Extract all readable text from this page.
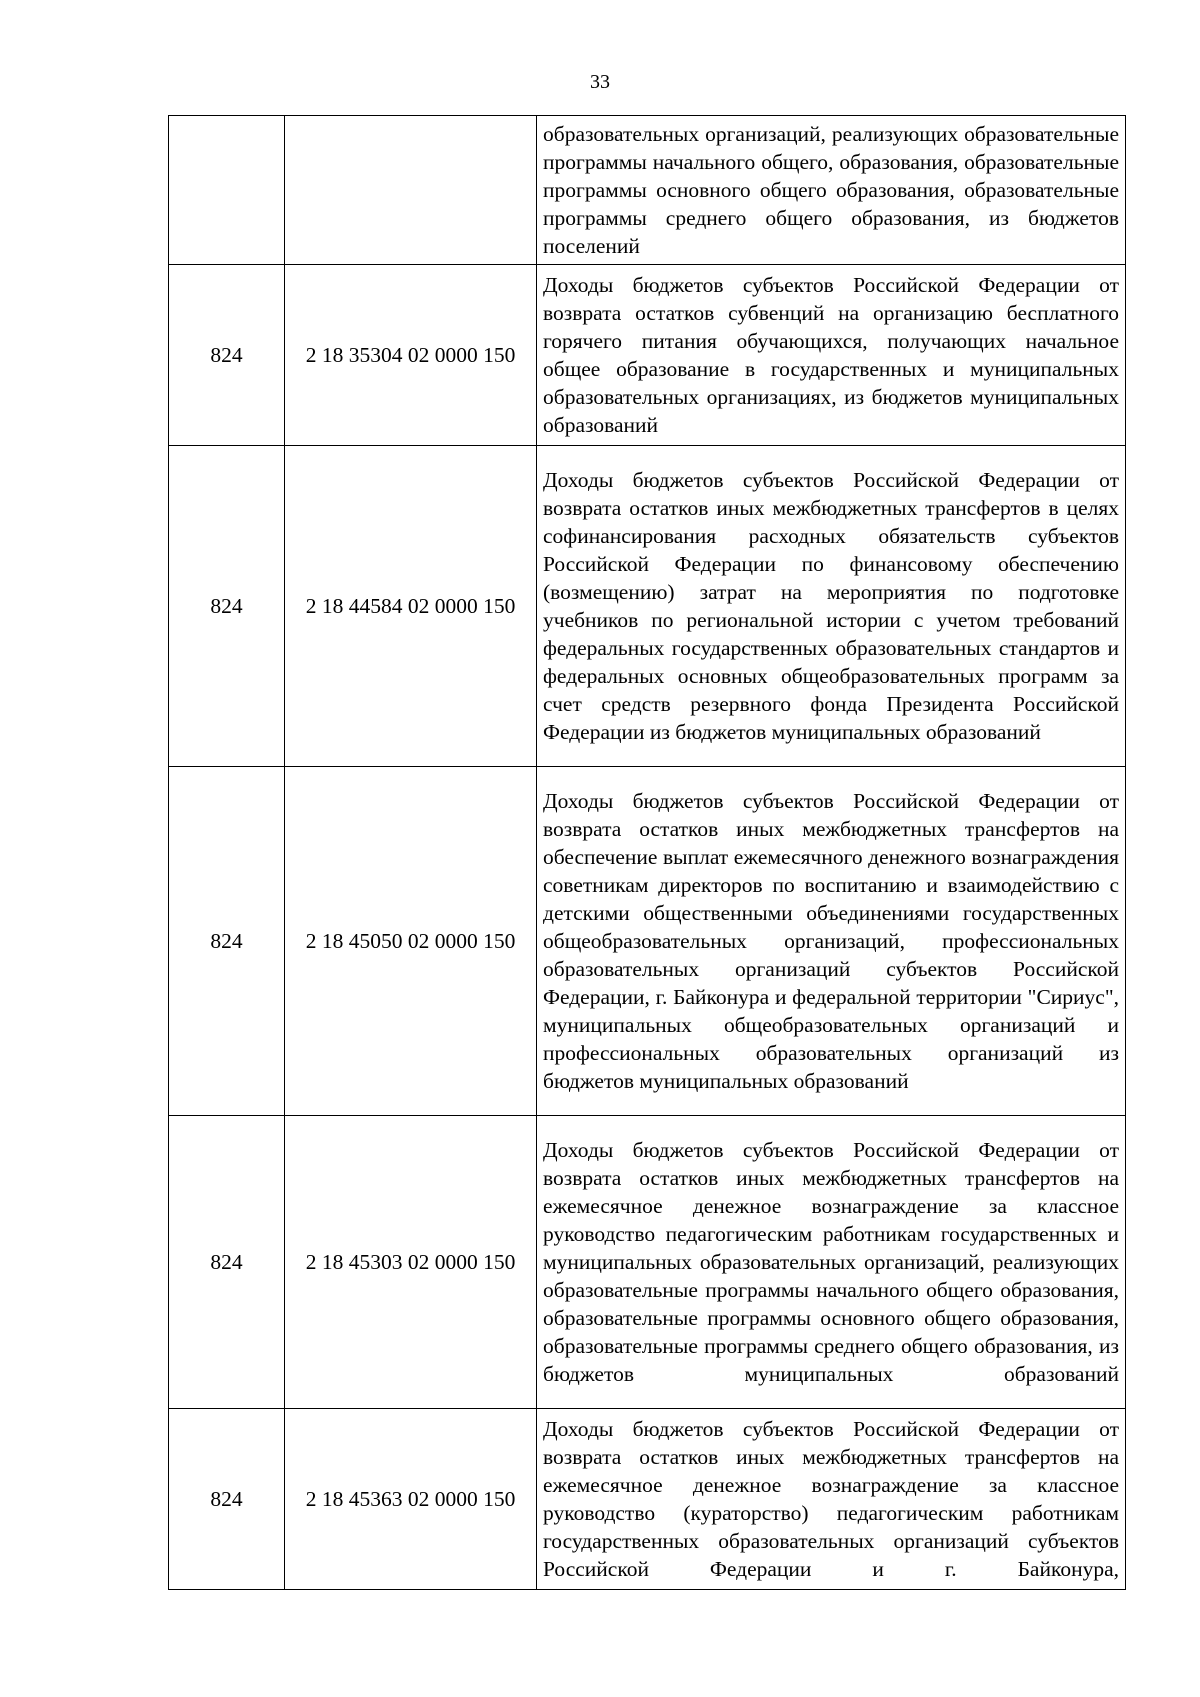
33
		образовательных организаций, реализующих образовательные программы начального общего, образования, образовательные программы основного общего образования, образовательные программы среднего общего образования, из бюджетов поселений
824	2 18 35304 02 0000 150	Доходы бюджетов субъектов Российской Федерации от возврата остатков субвенций на организацию бесплатного горячего питания обучающихся, получающих начальное общее образование в государственных и муниципальных образовательных организациях, из бюджетов муниципальных образований
824	2 18 44584 02 0000 150	Доходы бюджетов субъектов Российской Федерации от возврата остатков иных межбюджетных трансфертов в целях софинансирования расходных обязательств субъектов Российской Федерации по финансовому обеспечению (возмещению) затрат на мероприятия по подготовке учебников по региональной истории с учетом требований федеральных государственных образовательных стандартов и федеральных основных общеобразовательных программ за счет средств резервного фонда Президента Российской Федерации из бюджетов муниципальных образований
824	2 18 45050 02 0000 150	Доходы бюджетов субъектов Российской Федерации от возврата остатков иных межбюджетных трансфертов на обеспечение выплат ежемесячного денежного вознаграждения советникам директоров по воспитанию и взаимодействию с детскими общественными объединениями государственных общеобразовательных организаций, профессиональных образовательных организаций субъектов Российской Федерации, г. Байконура и федеральной территории "Сириус", муниципальных общеобразовательных организаций и профессиональных образовательных организаций из бюджетов муниципальных образований
824	2 18 45303 02 0000 150	Доходы бюджетов субъектов Российской Федерации от возврата остатков иных межбюджетных трансфертов на ежемесячное денежное вознаграждение за классное руководство педагогическим работникам государственных и муниципальных образовательных организаций, реализующих образовательные программы начального общего образования, образовательные программы основного общего образования, образовательные программы среднего общего образования, из бюджетов муниципальных образований
824	2 18 45363 02 0000 150	Доходы бюджетов субъектов Российской Федерации от возврата остатков иных межбюджетных трансфертов на ежемесячное денежное вознаграждение за классное руководство (кураторство) педагогическим работникам государственных образовательных организаций субъектов Российской Федерации и г. Байконура,
